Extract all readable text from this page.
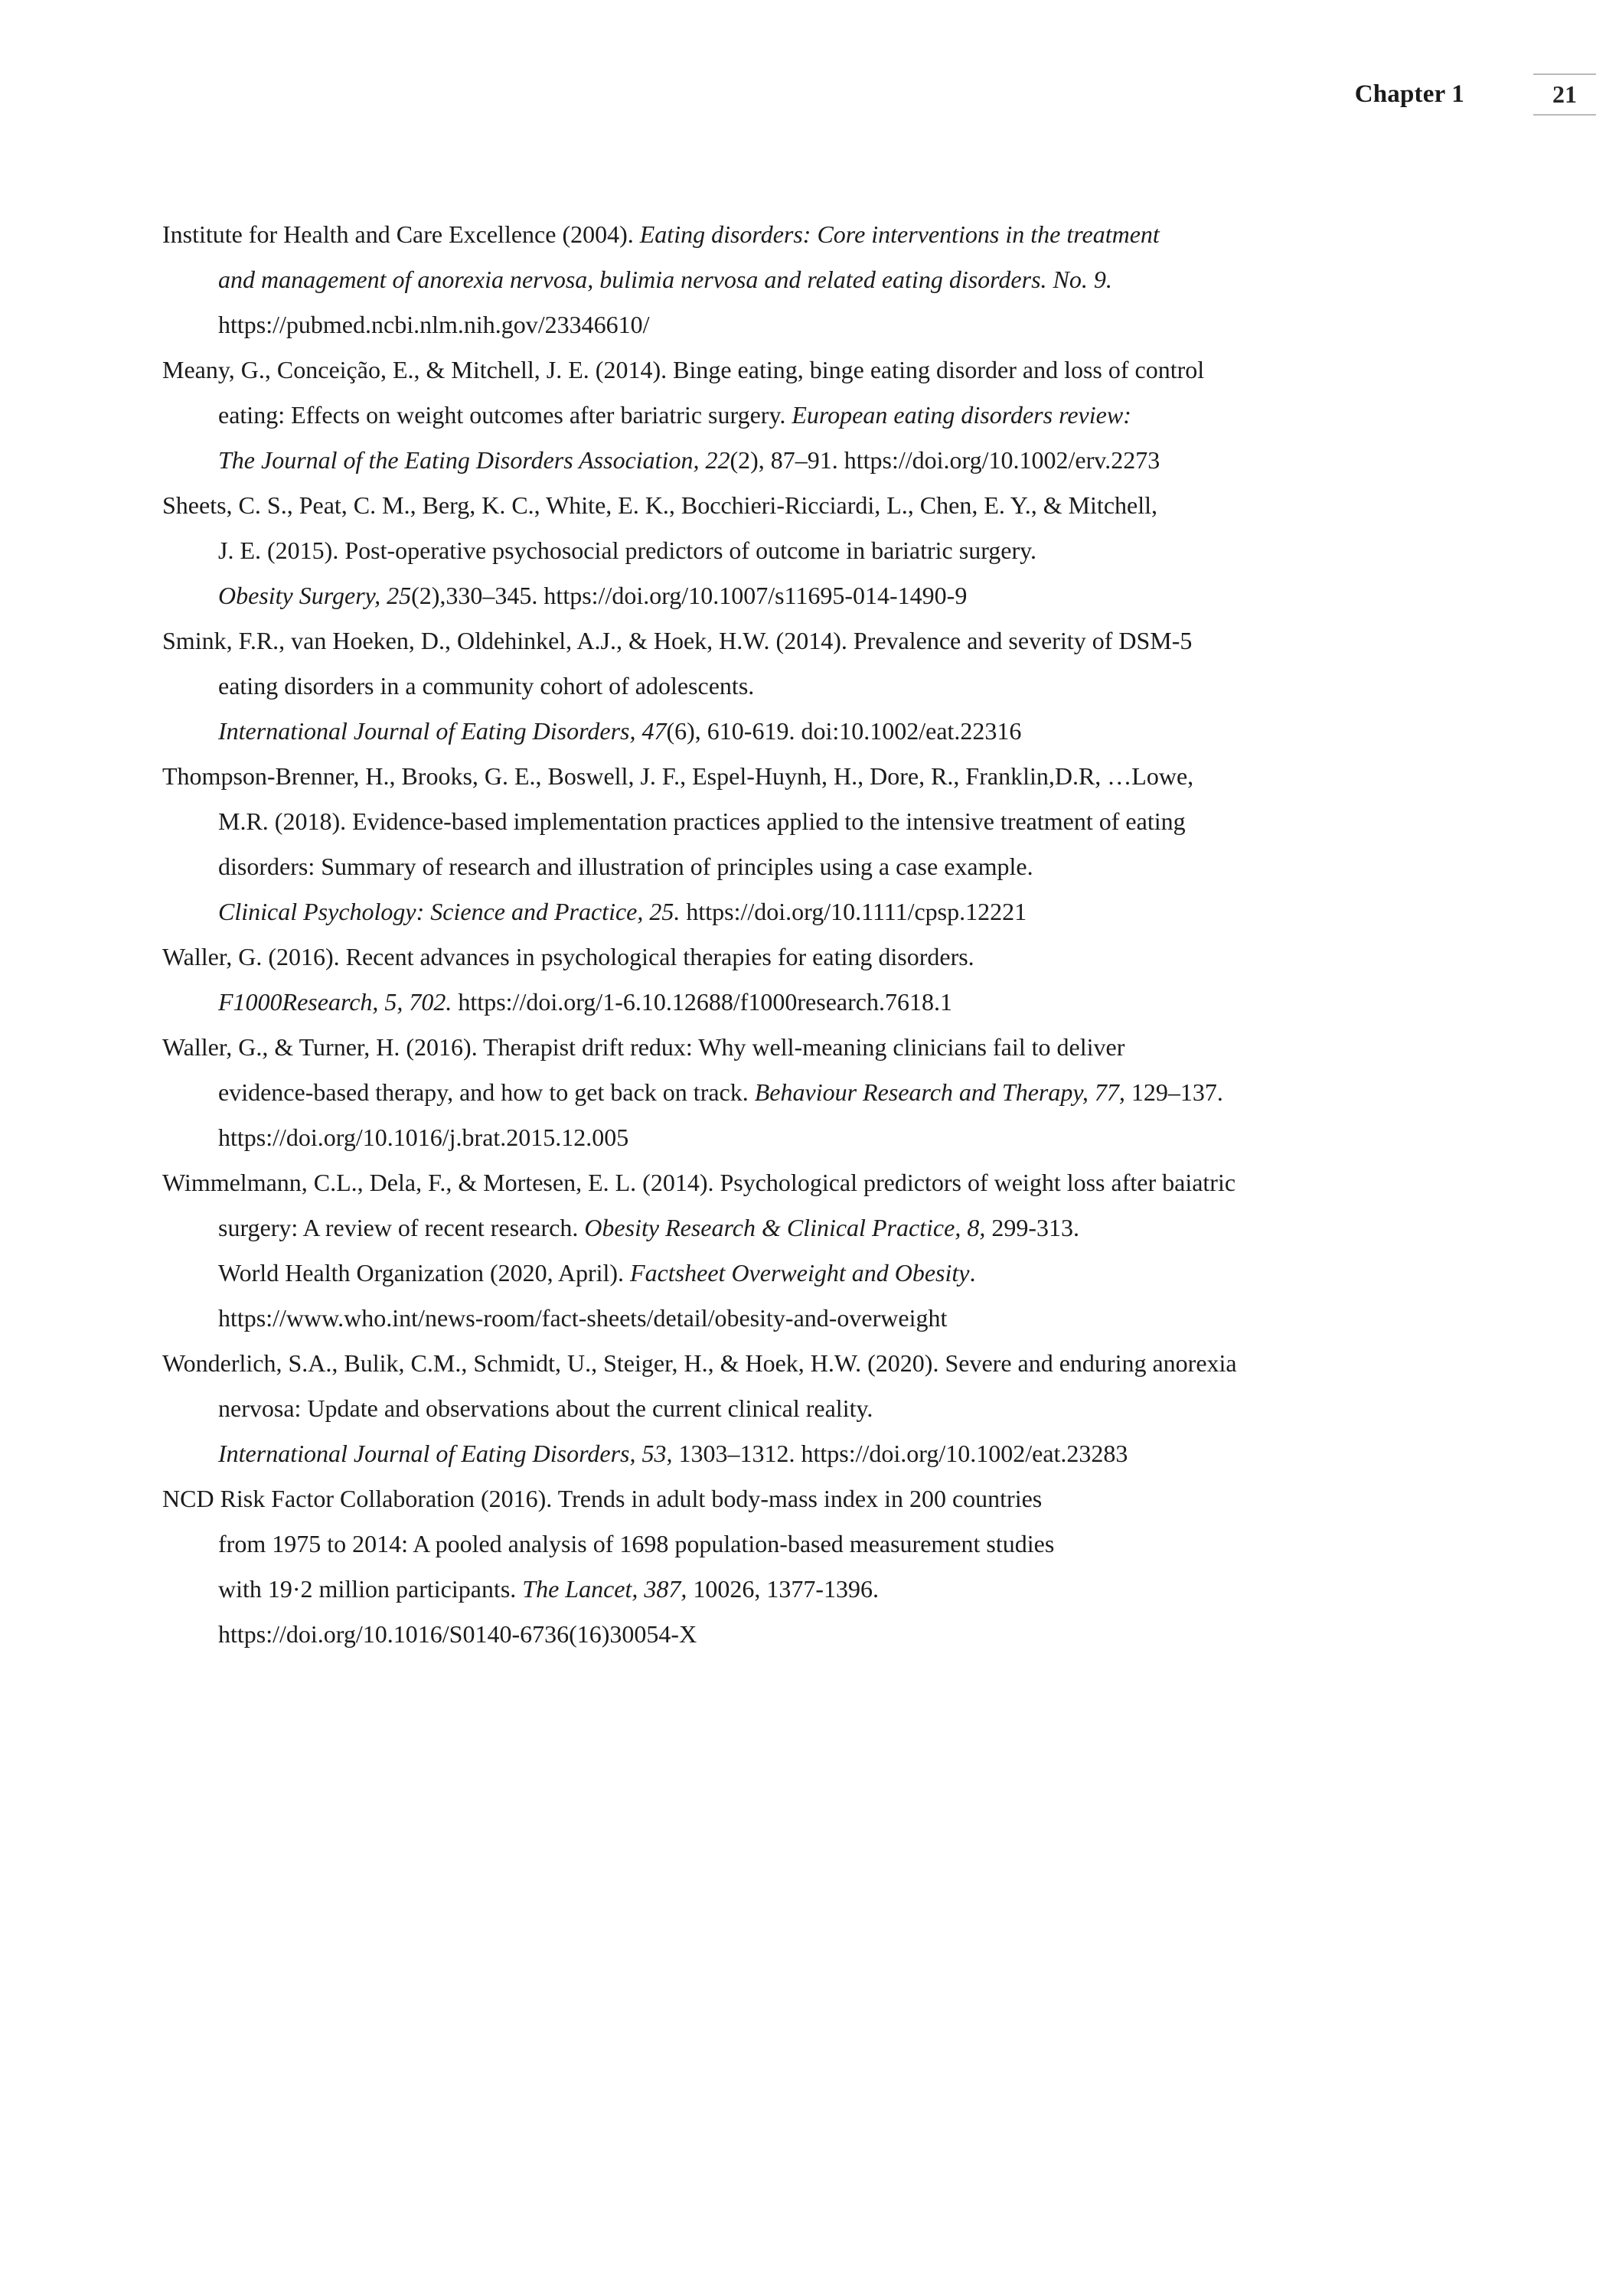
Chapter 1	21

Institute for Health and Care Excellence (2004). Eating disorders: Core interventions in the treatment
and management of anorexia nervosa, bulimia nervosa and related eating disorders. No. 9.
https://pubmed.ncbi.nlm.nih.gov/23346610/

Meany, G., Conceição, E., & Mitchell, J. E. (2014). Binge eating, binge eating disorder and loss of control
eating: Effects on weight outcomes after bariatric surgery. European eating disorders review:
The Journal of the Eating Disorders Association, 22(2), 87–91. https://doi.org/10.1002/erv.2273

Sheets, C. S., Peat, C. M., Berg, K. C., White, E. K., Bocchieri-Ricciardi, L., Chen, E. Y., & Mitchell,
J. E. (2015). Post-operative psychosocial predictors of outcome in bariatric surgery.
Obesity Surgery, 25(2),330–345. https://doi.org/10.1007/s11695-014-1490-9

Smink, F.R., van Hoeken, D., Oldehinkel, A.J., & Hoek, H.W. (2014). Prevalence and severity of DSM-5
eating disorders in a community cohort of adolescents.
International Journal of Eating Disorders, 47(6), 610-619. doi:10.1002/eat.22316

Thompson-Brenner, H., Brooks, G. E., Boswell, J. F., Espel-Huynh, H., Dore, R., Franklin,D.R, …Lowe,
M.R. (2018). Evidence-based implementation practices applied to the intensive treatment of eating
disorders: Summary of research and illustration of principles using a case example.
Clinical Psychology: Science and Practice, 25. https://doi.org/10.1111/cpsp.12221

Waller, G. (2016). Recent advances in psychological therapies for eating disorders.
F1000Research, 5, 702. https://doi.org/1-6.10.12688/f1000research.7618.1

Waller, G., & Turner, H. (2016). Therapist drift redux: Why well-meaning clinicians fail to deliver
evidence-based therapy, and how to get back on track. Behaviour Research and Therapy, 77, 129–137.
https://doi.org/10.1016/j.brat.2015.12.005

Wimmelmann, C.L., Dela, F., & Mortesen, E. L. (2014). Psychological predictors of weight loss after baiatric
surgery: A review of recent research. Obesity Research & Clinical Practice, 8, 299-313.
World Health Organization (2020, April). Factsheet Overweight and Obesity.
https://www.who.int/news-room/fact-sheets/detail/obesity-and-overweight

Wonderlich, S.A., Bulik, C.M., Schmidt, U., Steiger, H., & Hoek, H.W. (2020). Severe and enduring anorexia
nervosa: Update and observations about the current clinical reality.
International Journal of Eating Disorders, 53, 1303–1312. https://doi.org/10.1002/eat.23283

NCD Risk Factor Collaboration (2016). Trends in adult body-mass index in 200 countries
from 1975 to 2014: A pooled analysis of 1698 population-based measurement studies
with 19·2 million participants. The Lancet, 387, 10026, 1377-1396.
https://doi.org/10.1016/S0140-6736(16)30054-X
